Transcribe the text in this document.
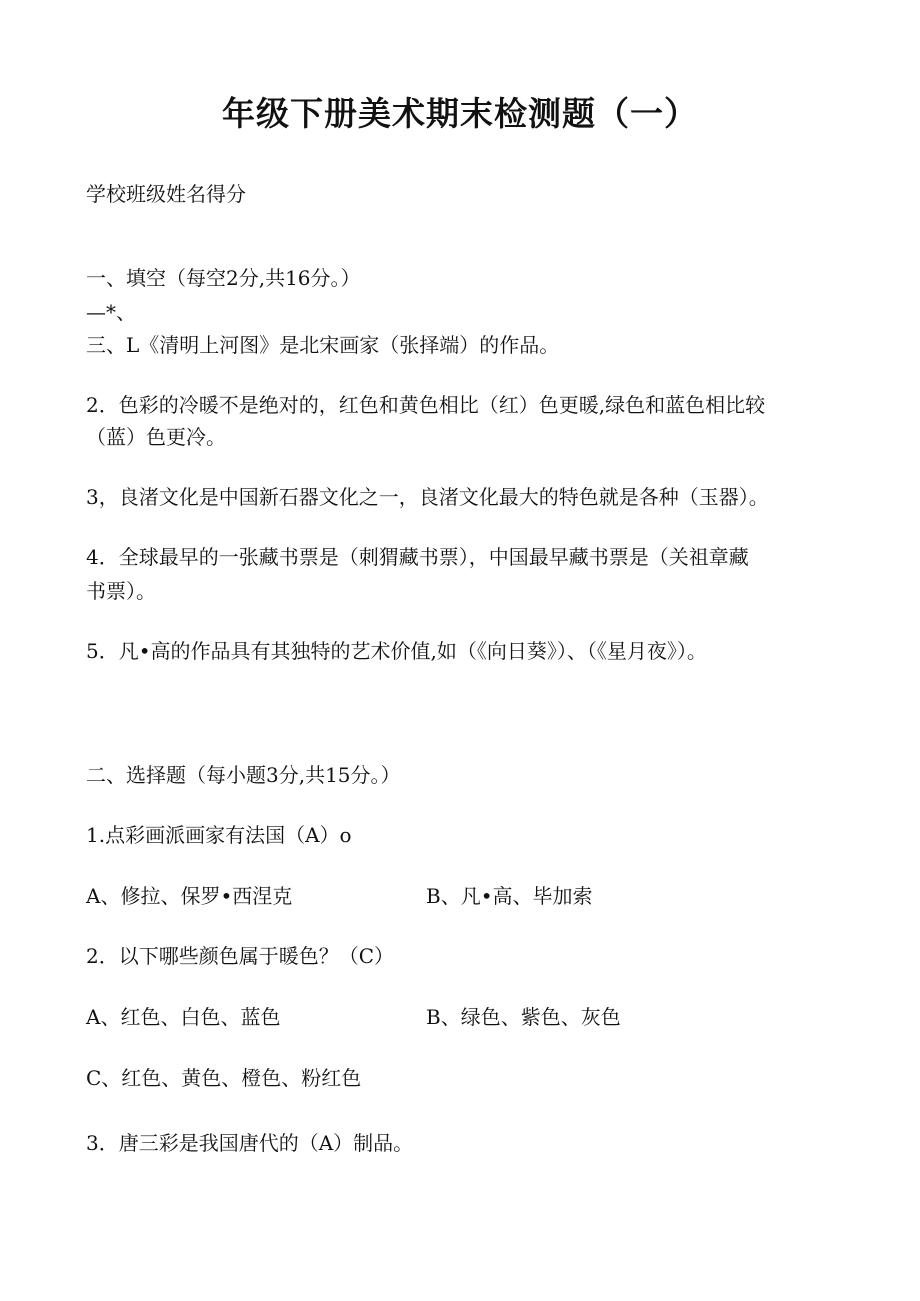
年级下册美术期末检测题（一）
学校班级姓名得分
一、填空（每空2分,共16分。）
—*、
三、L《清明上河图》是北宋画家（张择端）的作品。
2．色彩的冷暖不是绝对的，红色和黄色相比（红）色更暖,绿色和蓝色相比较
（蓝）色更冷。
3，良渚文化是中国新石器文化之一，良渚文化最大的特色就是各种（玉器）。
4．全球最早的一张藏书票是（刺猬藏书票），中国最早藏书票是（关祖章藏
书票）。
5．凡•高的作品具有其独特的艺术价值,如（《向日葵》）、（《星月夜》）。
二、选择题（每小题3分,共15分。）
1.点彩画派画家有法国（A）o
A、修拉、保罗•西涅克	B、凡•高、毕加索
2．以下哪些颜色属于暖色？（C）
A、红色、白色、蓝色	B、绿色、紫色、灰色
C、红色、黄色、橙色、粉红色
3．唐三彩是我国唐代的（A）制品。
